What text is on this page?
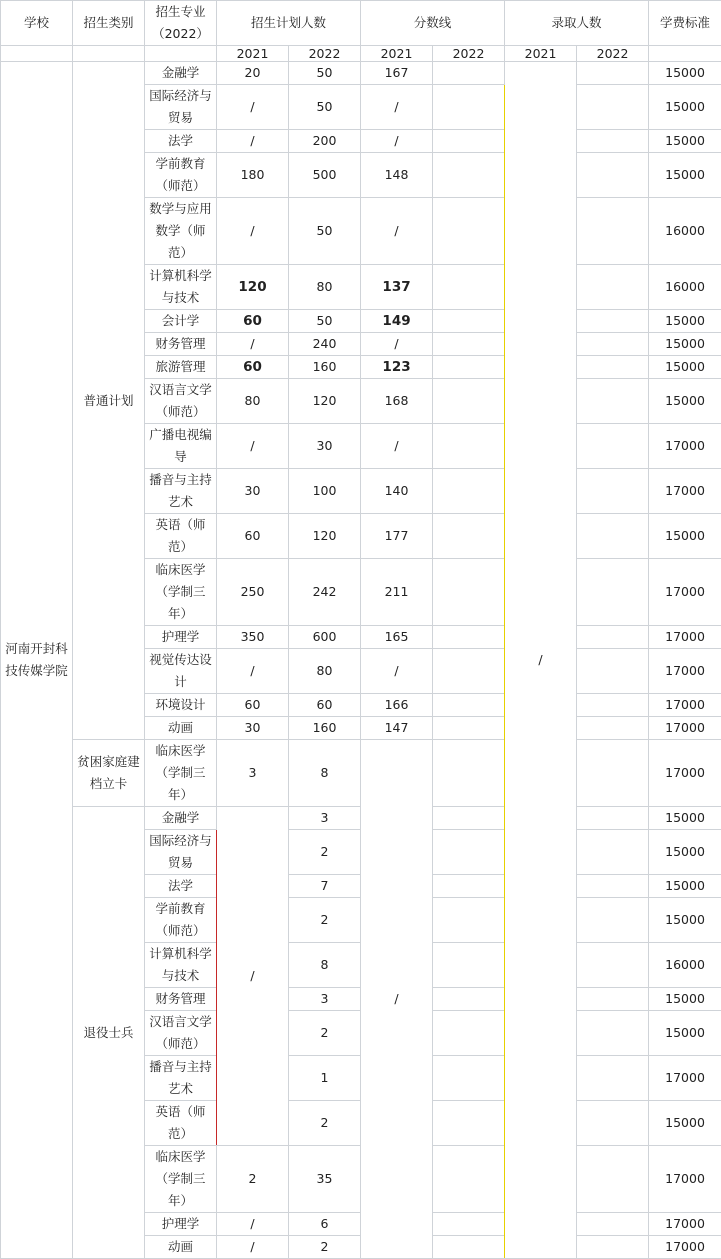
学校	招生类别	招生专业（2022）	招生计划人数		分数线		录取人数		学费标准
			2021	2022	2021	2022	2021	2022	
河南开封科技传媒学院	普通计划	金融学	20	50	167		/		15000
		国际经济与贸易	/	50	/				15000
		法学	/	200	/				15000
		学前教育（师范）	180	500	148				15000
		数学与应用数学（师范）	/	50	/				16000
		计算机科学与技术	120	80	137				16000
		会计学	60	50	149				15000
		财务管理	/	240	/				15000
		旅游管理	60	160	123				15000
		汉语言文学（师范）	80	120	168				15000
		广播电视编导	/	30	/				17000
		播音与主持艺术	30	100	140				17000
		英语（师范）	60	120	177				15000
		临床医学（学制三年）	250	242	211				17000
		护理学	350	600	165				17000
		视觉传达设计	/	80	/				17000
		环境设计	60	60	166				17000
		动画	30	160	147				17000
	贫困家庭建档立卡	临床医学（学制三年）	3	8	/				17000
	退役士兵	金融学	/	3					15000
		国际经济与贸易		2					15000
		法学		7					15000
		学前教育（师范）		2					15000
		计算机科学与技术		8					16000
		财务管理		3					15000
		汉语言文学（师范）		2					15000
		播音与主持艺术		1					17000
		英语（师范）		2					15000
		临床医学（学制三年）	2	35					17000
		护理学	/	6					17000
		动画	/	2					17000
